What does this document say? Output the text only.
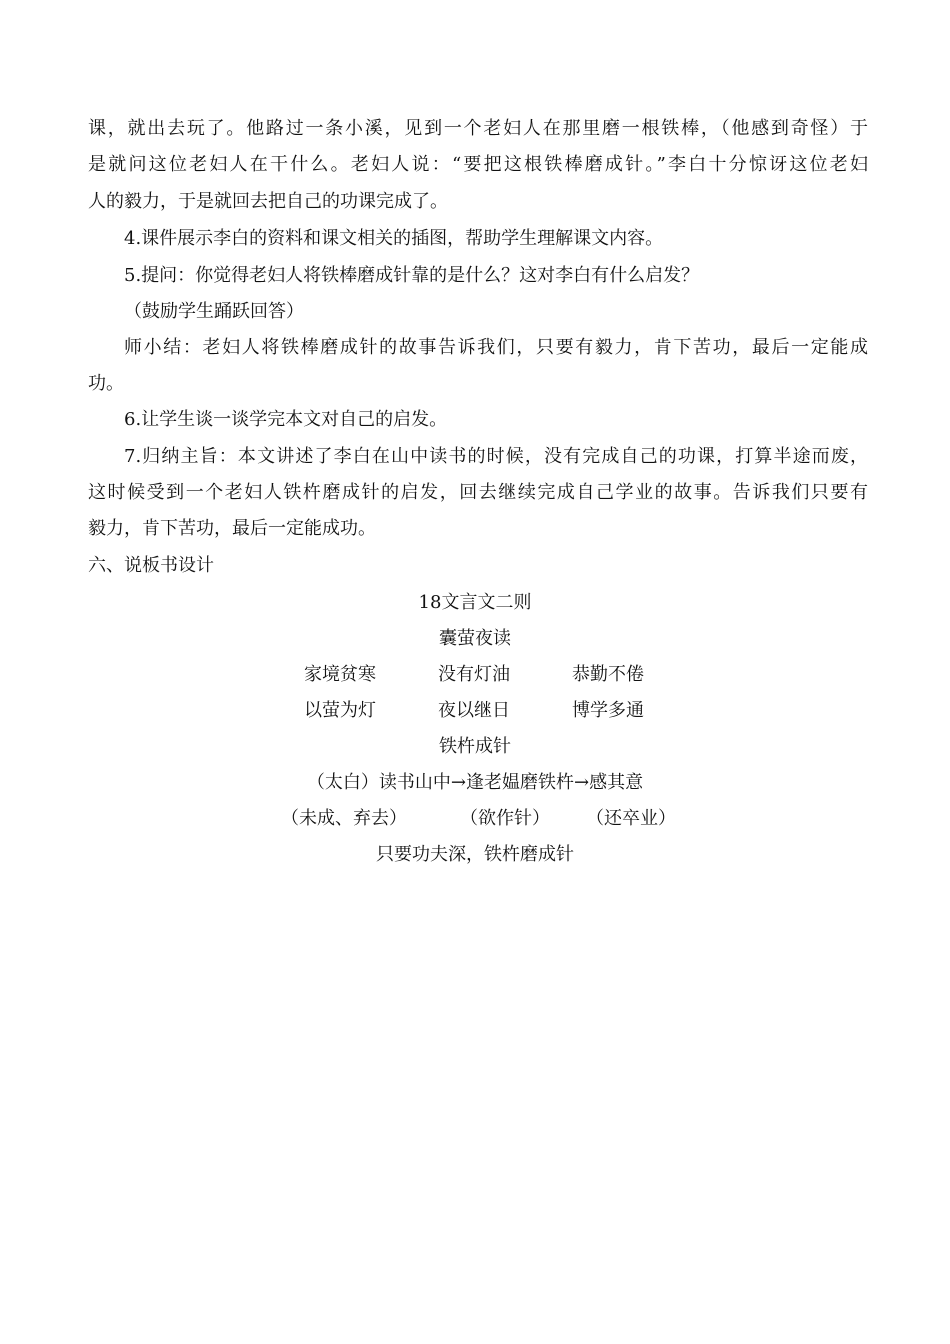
课，就出去玩了。他路过一条小溪，见到一个老妇人在那里磨一根铁棒，（他感到奇怪）于
是就问这位老妇人在干什么。老妇人说：“要把这根铁棒磨成针。”李白十分惊讶这位老妇
人的毅力，于是就回去把自己的功课完成了。
4.课件展示李白的资料和课文相关的插图，帮助学生理解课文内容。
5.提问：你觉得老妇人将铁棒磨成针靠的是什么？这对李白有什么启发？
（鼓励学生踊跃回答）
师小结：老妇人将铁棒磨成针的故事告诉我们，只要有毅力，肯下苦功，最后一定能成
功。
6.让学生谈一谈学完本文对自己的启发。
7.归纳主旨：本文讲述了李白在山中读书的时候，没有完成自己的功课，打算半途而废，
这时候受到一个老妇人铁杵磨成针的启发，回去继续完成自己学业的故事。告诉我们只要有
毅力，肯下苦功，最后一定能成功。
六、说板书设计
18文言文二则
囊萤夜读
家境贫寒	没有灯油	恭勤不倦
以萤为灯	夜以继日	博学多通
铁杵成针
（太白）读书山中→逢老媪磨铁杵→感其意
（未成、弃去）	（欲作针） （还卒业）
只要功夫深，铁杵磨成针
